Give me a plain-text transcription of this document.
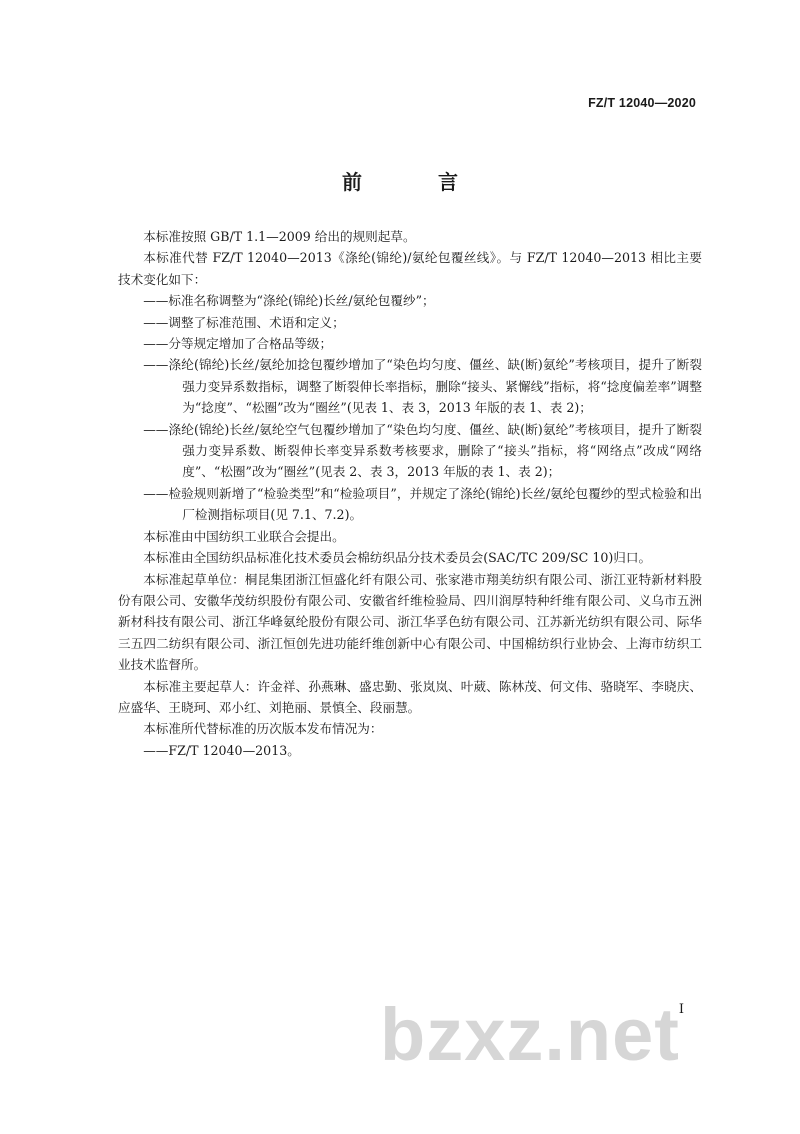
FZ/T 12040—2020
前　言

本标准按照 GB/T 1.1—2009 给出的规则起草。

本标准代替 FZ/T 12040—2013《涤纶(锦纶)/氨纶包覆丝线》。与 FZ/T 12040—2013 相比主要技术变化如下：

——标准名称调整为“涤纶(锦纶)长丝/氨纶包覆纱”；

——调整了标准范围、术语和定义；

——分等规定增加了合格品等级；

——涤纶(锦纶)长丝/氨纶加捻包覆纱增加了“染色均匀度、僵丝、缺(断)氨纶”考核项目，提升了断裂强力变异系数指标，调整了断裂伸长率指标，删除“接头、紧懈线”指标，将“捻度偏差率”调整为“捻度”、“松圈”改为“圈丝”(见表 1、表 3，2013 年版的表 1、表 2)；

——涤纶(锦纶)长丝/氨纶空气包覆纱增加了“染色均匀度、僵丝、缺(断)氨纶”考核项目，提升了断裂强力变异系数、断裂伸长率变异系数考核要求，删除了“接头”指标，将“网络点”改成“网络度”、“松圈”改为“圈丝”(见表 2、表 3，2013 年版的表 1、表 2)；

——检验规则新增了“检验类型”和“检验项目”，并规定了涤纶(锦纶)长丝/氨纶包覆纱的型式检验和出厂检测指标项目(见 7.1、7.2)。

本标准由中国纺织工业联合会提出。

本标准由全国纺织品标准化技术委员会棉纺织品分技术委员会(SAC/TC 209/SC 10)归口。

本标准起草单位：桐昆集团浙江恒盛化纤有限公司、张家港市翔美纺织有限公司、浙江亚特新材料股份有限公司、安徽华茂纺织股份有限公司、安徽省纤维检验局、四川润厚特种纤维有限公司、义乌市五洲新材科技有限公司、浙江华峰氨纶股份有限公司、浙江华孚色纺有限公司、江苏新光纺织有限公司、际华三五四二纺织有限公司、浙江恒创先进功能纤维创新中心有限公司、中国棉纺织行业协会、上海市纺织工业技术监督所。

本标准主要起草人：许金祥、孙燕琳、盛忠勤、张岚岚、叶葳、陈林茂、何文伟、骆晓军、李晓庆、应盛华、王晓珂、邓小红、刘艳丽、景慎全、段丽慧。

本标准所代替标准的历次版本发布情况为：

——FZ/T 12040—2013。

I
bzxz.net
